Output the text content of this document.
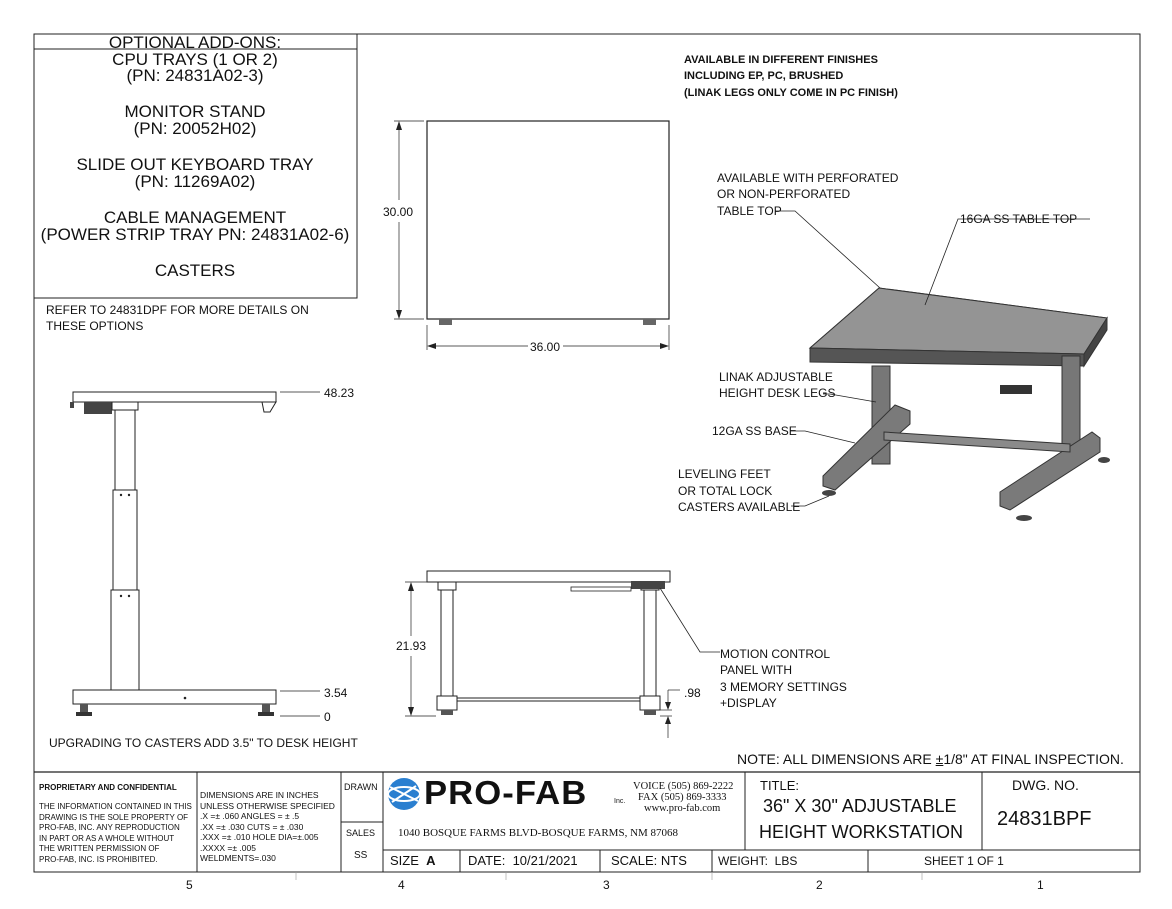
OPTIONAL ADD-ONS:
CPU TRAYS (1 OR 2)
(PN: 24831A02-3)
MONITOR STAND
(PN: 20052H02)
SLIDE OUT KEYBOARD TRAY
(PN: 11269A02)
CABLE MANAGEMENT
(POWER STRIP TRAY PN: 24831A02-6)
CASTERS
REFER TO 24831DPF FOR MORE DETAILS ON
THESE OPTIONS
AVAILABLE IN DIFFERENT FINISHES
INCLUDING EP, PC, BRUSHED
(LINAK LEGS ONLY COME IN PC FINISH)
AVAILABLE WITH PERFORATED
OR NON-PERFORATED
TABLE TOP
16GA SS TABLE TOP
LINAK ADJUSTABLE
HEIGHT DESK LEGS
12GA SS BASE
LEVELING FEET
OR TOTAL LOCK
CASTERS AVAILABLE
MOTION CONTROL
PANEL WITH
3 MEMORY SETTINGS
+DISPLAY
30.00
36.00
48.23
3.54
0
21.93
.98
UPGRADING TO CASTERS ADD 3.5" TO DESK HEIGHT
NOTE: ALL DIMENSIONS ARE ±1/8" AT FINAL INSPECTION.
PROPRIETARY AND CONFIDENTIAL
THE INFORMATION CONTAINED IN THIS
DRAWING IS THE SOLE PROPERTY OF
PRO-FAB, INC. ANY REPRODUCTION
IN PART OR AS A WHOLE WITHOUT
THE WRITTEN PERMISSION OF
PRO-FAB, INC. IS PROHIBITED.
DIMENSIONS ARE IN INCHES
UNLESS OTHERWISE SPECIFIED
.X =± .060 ANGLES = ± .5
.XX =± .030 CUTS = ± .030
.XXX =± .010 HOLE DIA=±.005
.XXXX =± .005
WELDMENTS=.030
DRAWN
SALES
SS
PRO-FAB	Inc.
VOICE (505) 869-2222
FAX (505) 869-3333
www.pro-fab.com
1040 BOSQUE FARMS BLVD-BOSQUE FARMS, NM 87068
TITLE:
36" X 30" ADJUSTABLE
HEIGHT WORKSTATION
DWG. NO.
24831BPF
SIZE A DATE: 10/21/2021	SCALE: NTS	WEIGHT: LBS	SHEET 1 OF 1
5	4	3	2	1
